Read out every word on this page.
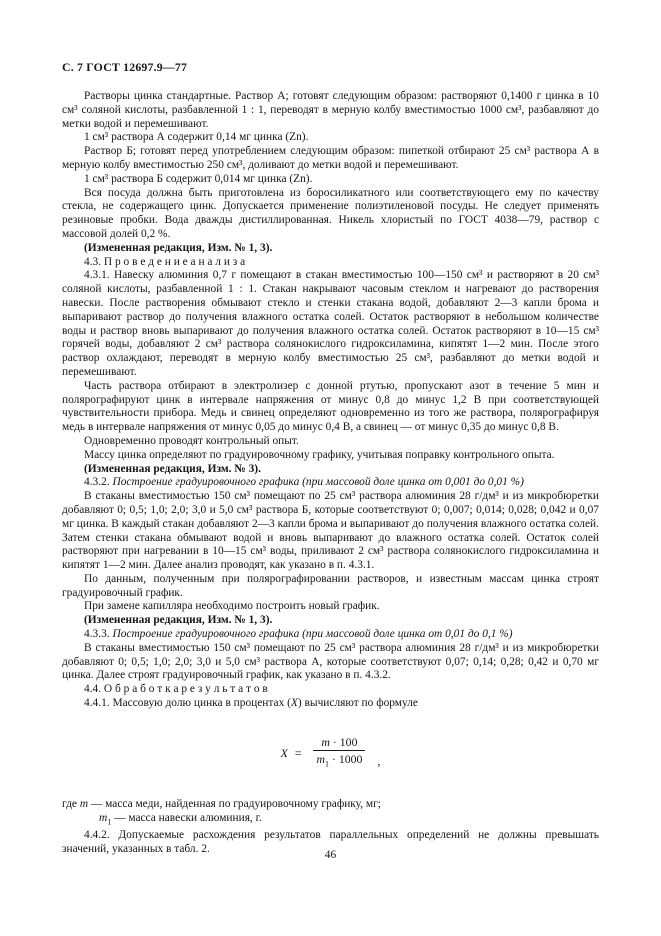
С. 7 ГОСТ 12697.9—77

Растворы цинка стандартные. Раствор А; готовят следующим образом: растворяют 0,1400 г цинка в 10 см³ соляной кислоты, разбавленной 1 : 1, переводят в мерную колбу вместимостью 1000 см³, разбавляют до метки водой и перемешивают.

1 см³ раствора А содержит 0,14 мг цинка (Zn).

Раствор Б; готовят перед употреблением следующим образом: пипеткой отбирают 25 см³ раствора А в мерную колбу вместимостью 250 см³, доливают до метки водой и перемешивают.

1 см³ раствора Б содержит 0,014 мг цинка (Zn).

Вся посуда должна быть приготовлена из боросиликатного или соответствующего ему по качеству стекла, не содержащего цинк. Допускается применение полиэтиленовой посуды. Не следует применять резиновые пробки. Вода дважды дистиллированная. Никель хлористый по ГОСТ 4038—79, раствор с массовой долей 0,2 %.

(Измененная редакция, Изм. № 1, 3).

4.3. П р о в е д е н и е а н а л и з а

4.3.1. Навеску алюминия 0,7 г помещают в стакан вместимостью 100—150 см³ и растворяют в 20 см³ соляной кислоты, разбавленной 1 : 1. Стакан накрывают часовым стеклом и нагревают до растворения навески. После растворения обмывают стекло и стенки стакана водой, добавляют 2—3 капли брома и выпаривают раствор до получения влажного остатка солей. Остаток растворяют в небольшом количестве воды и раствор вновь выпаривают до получения влажного остатка солей. Остаток растворяют в 10—15 см³ горячей воды, добавляют 2 см³ раствора солянокислого гидроксиламина, кипятят 1—2 мин. После этого раствор охлаждают, переводят в мерную колбу вместимостью 25 см³, разбавляют до метки водой и перемешивают.

Часть раствора отбирают в электролизер с донной ртутью, пропускают азот в течение 5 мин и полярографируют цинк в интервале напряжения от минус 0,8 до минус 1,2 В при соответствующей чувствительности прибора. Медь и свинец определяют одновременно из того же раствора, полярографируя медь в интервале напряжения от минус 0,05 до минус 0,4 В, а свинец — от минус 0,35 до минус 0,8 В.

Одновременно проводят контрольный опыт.

Массу цинка определяют по градуировочному графику, учитывая поправку контрольного опыта.

(Измененная редакция, Изм. № 3).

4.3.2. Построение градуировочного графика (при массовой доле цинка от 0,001 до 0,01 %)

В стаканы вместимостью 150 см³ помещают по 25 см³ раствора алюминия 28 г/дм³ и из микробюретки добавляют 0; 0,5; 1,0; 2,0; 3,0 и 5,0 см³ раствора Б, которые соответствуют 0; 0,007; 0,014; 0,028; 0,042 и 0,07 мг цинка. В каждый стакан добавляют 2—3 капли брома и выпаривают до получения влажного остатка солей. Затем стенки стакана обмывают водой и вновь выпаривают до влажного остатка солей. Остаток солей растворяют при нагревании в 10—15 см³ воды, приливают 2 см³ раствора солянокислого гидроксиламина и кипятят 1—2 мин. Далее анализ проводят, как указано в п. 4.3.1.

По данным, полученным при полярографировании растворов, и известным массам цинка строят градуировочный график.

При замене капилляра необходимо построить новый график.

(Измененная редакция, Изм. № 1, 3).

4.3.3. Построение градуировочного графика (при массовой доле цинка от 0,01 до 0,1 %)

В стаканы вместимостью 150 см³ помещают по 25 см³ раствора алюминия 28 г/дм³ и из микробюретки добавляют 0; 0,5; 1,0; 2,0; 3,0 и 5,0 см³ раствора А, которые соответствуют 0,07; 0,14; 0,28; 0,42 и 0,70 мг цинка. Далее строят градуировочный график, как указано в п. 4.3.2.

4.4. О б р а б о т к а р е з у л ь т а т о в

4.4.1. Массовую долю цинка в процентах (X) вычисляют по формуле

$X = \frac{m \cdot 100}{m_1 \cdot 1000}$ ,

где m — масса меди, найденная по градуировочному графику, мг;

$m_1$ — масса навески алюминия, г.

4.4.2. Допускаемые расхождения результатов параллельных определений не должны превышать значений, указанных в табл. 2.

46
